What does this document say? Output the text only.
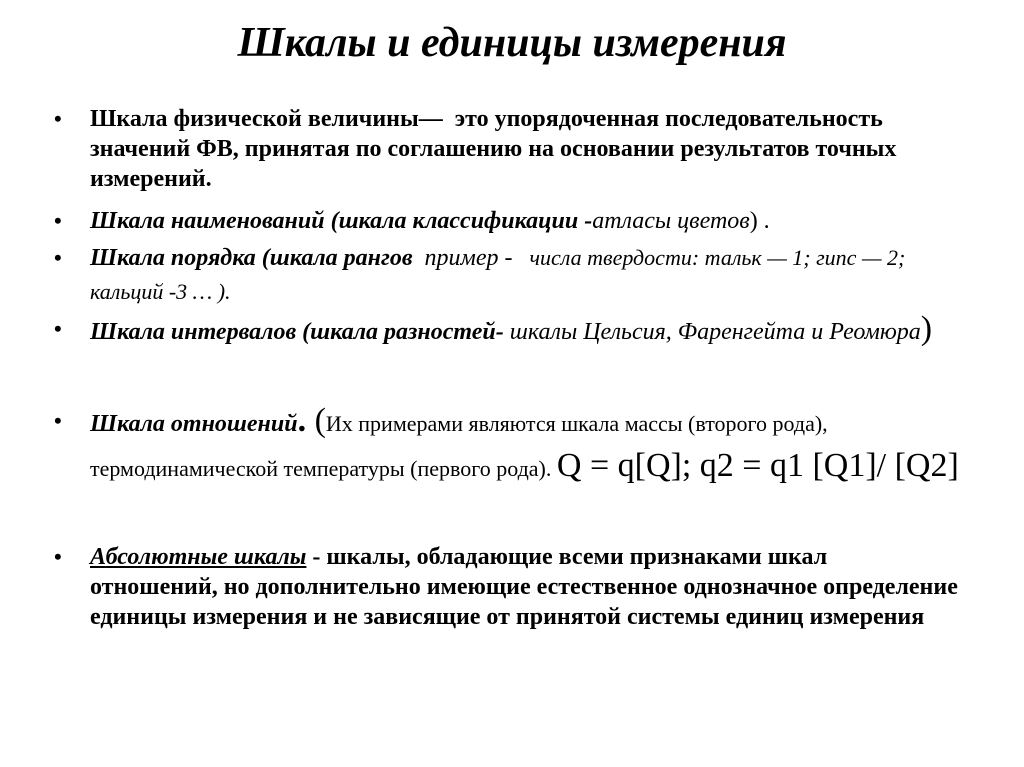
Шкалы и единицы измерения
• Шкала физической величины—  это упорядоченная последовательность значений ФВ, принятая по соглашению на основании результатов точных измерений.
• Шкала наименований (шкала классификации -атласы цветов) .
• Шкала порядка (шкала рангов  пример -   числа твердости: тальк — 1; гипс — 2; кальций -3 … ).
• Шкала интервалов (шкала разностей- шкалы Цельсия, Фаренгейта и Реомюра)
• Шкала отношений. (Их примерами являются шкала массы (второго рода), термодинамической температуры (первого рода). Q = q[Q]; q2 = q1 [Q1]/ [Q2]
• Абсолютные шкалы - шкалы, обладающие всеми признаками шкал отношений, но дополнительно имеющие естественное однозначное определение единицы измерения и не зависящие от принятой системы единиц измерения
